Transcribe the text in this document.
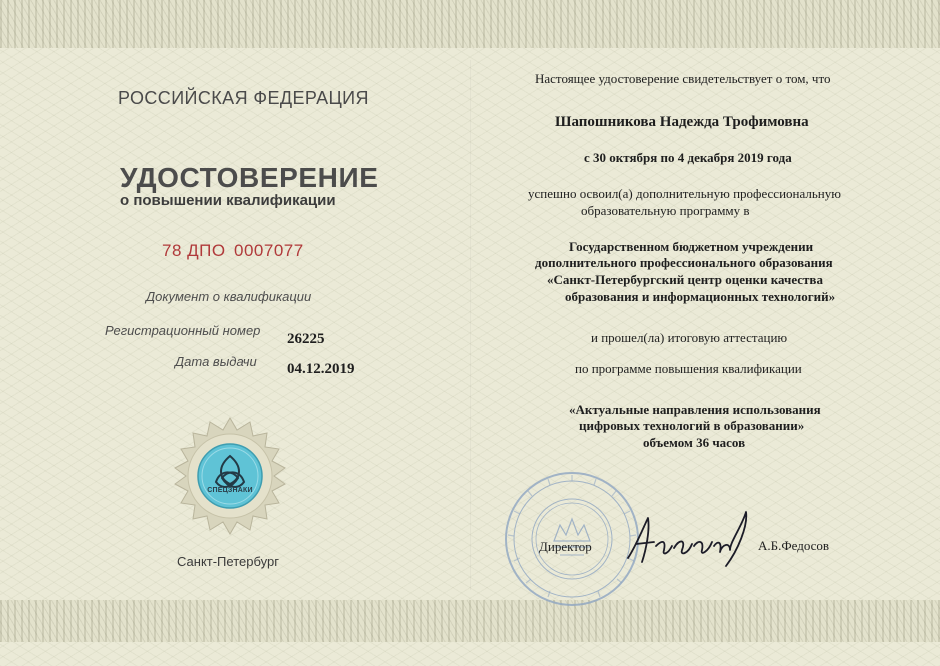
РОССИЙСКАЯ ФЕДЕРАЦИЯ
УДОСТОВЕРЕНИЕ
о повышении квалификации
78 ДПО 0007077
Документ о квалификации
Регистрационный номер
26225
Дата выдачи 04.12.2019
СПЕЦЗНАКИ
Санкт-Петербург
Настоящее удостоверение свидетельствует о том, что
Шапошникова Надежда Трофимовна
с 30 октября по 4 декабря 2019 года
успешно освоил(а) дополнительную профессиональную
образовательную программу в
Государственном бюджетном учреждении
дополнительного профессионального образования
«Санкт-Петербургский центр оценки качества
образования и информационных технологий»
и прошел(ла) итоговую аттестацию
по программе повышения квалификации
«Актуальные направления использования
цифровых технологий в образовании»
объемом 36 часов
Директор	А.Б.Федосов
